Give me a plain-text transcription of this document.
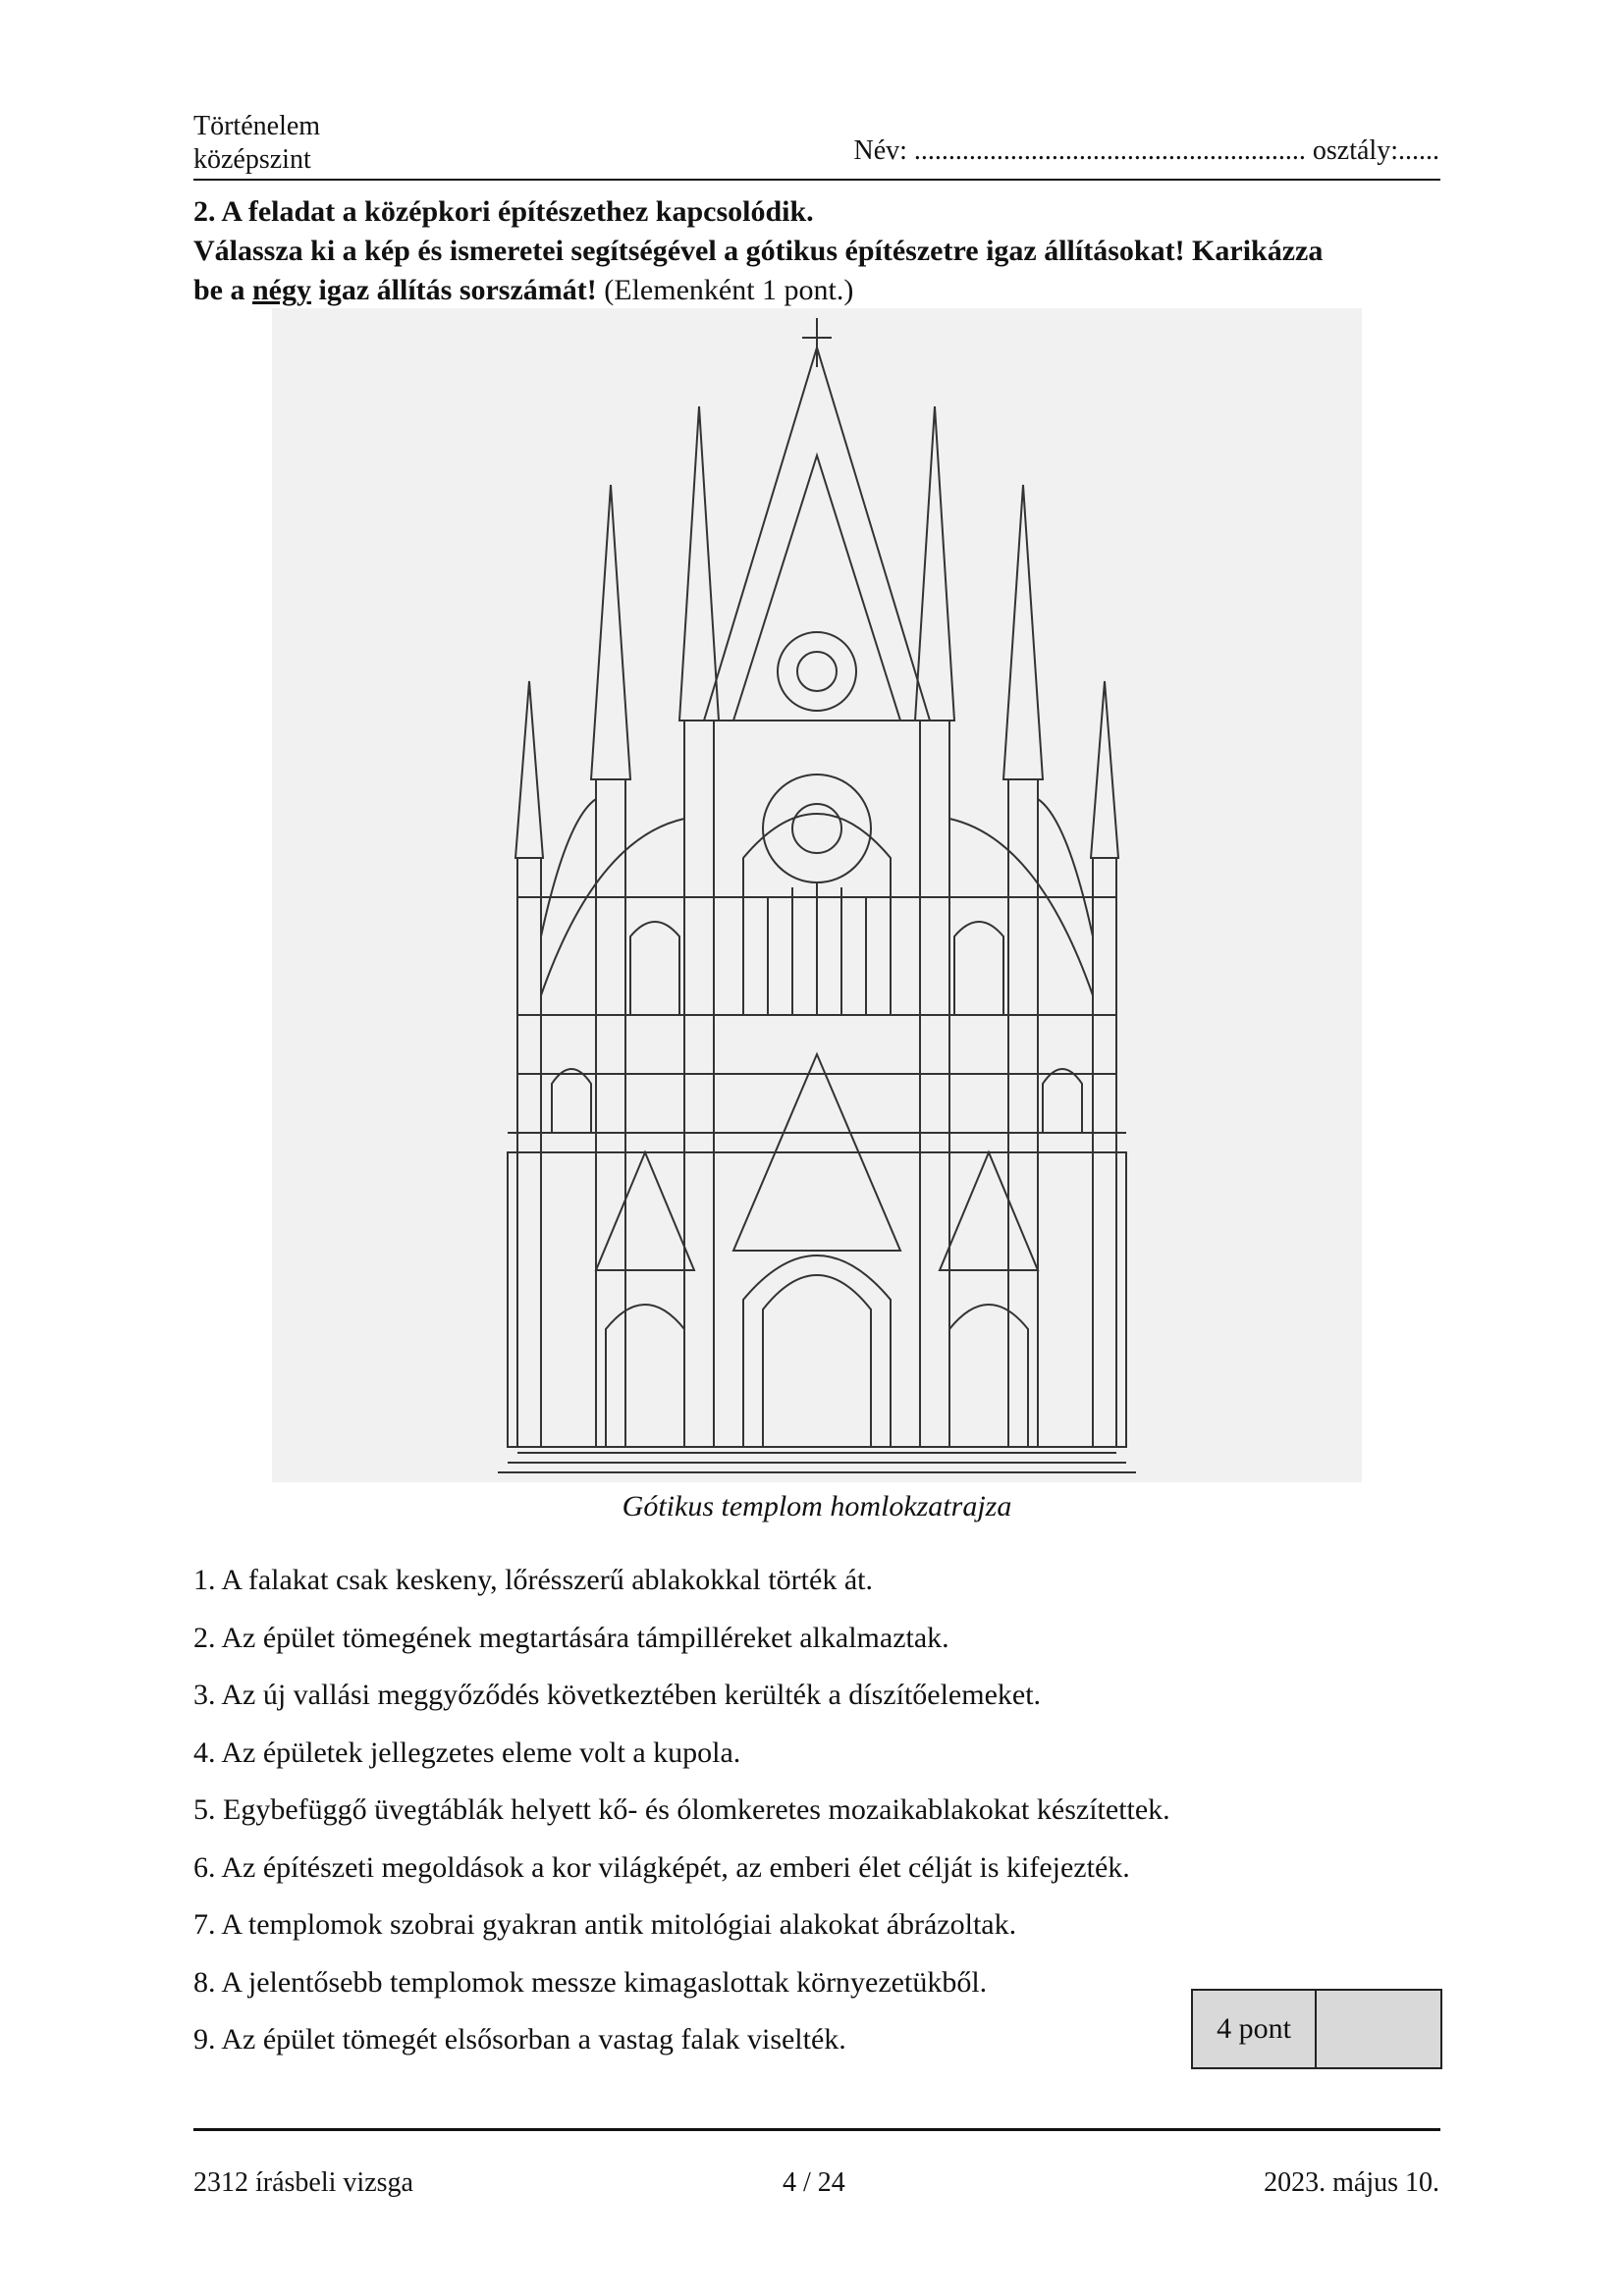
Történelem
középszint	Név: ......................................................... osztály:......
2. A feladat a középkori építészethez kapcsolódik.
Válassza ki a kép és ismeretei segítségével a gótikus építészetre igaz állításokat! Karikázza
be a négy igaz állítás sorszámát! (Elemenként 1 pont.)
Gótikus templom homlokzatrajza
1. A falakat csak keskeny, lőrésszerű ablakokkal törték át.
2. Az épület tömegének megtartására támpilléreket alkalmaztak.
3. Az új vallási meggyőződés következtében kerülték a díszítőelemeket.
4. Az épületek jellegzetes eleme volt a kupola.
5. Egybefüggő üvegtáblák helyett kő- és ólomkeretes mozaikablakokat készítettek.
6. Az építészeti megoldások a kor világképét, az emberi élet célját is kifejezték.
7. A templomok szobrai gyakran antik mitológiai alakokat ábrázoltak.
8. A jelentősebb templomok messze kimagaslottak környezetükből.
9. Az épület tömegét elsősorban a vastag falak viselték.	4 pont
2312 írásbeli vizsga	4 / 24	2023. május 10.
